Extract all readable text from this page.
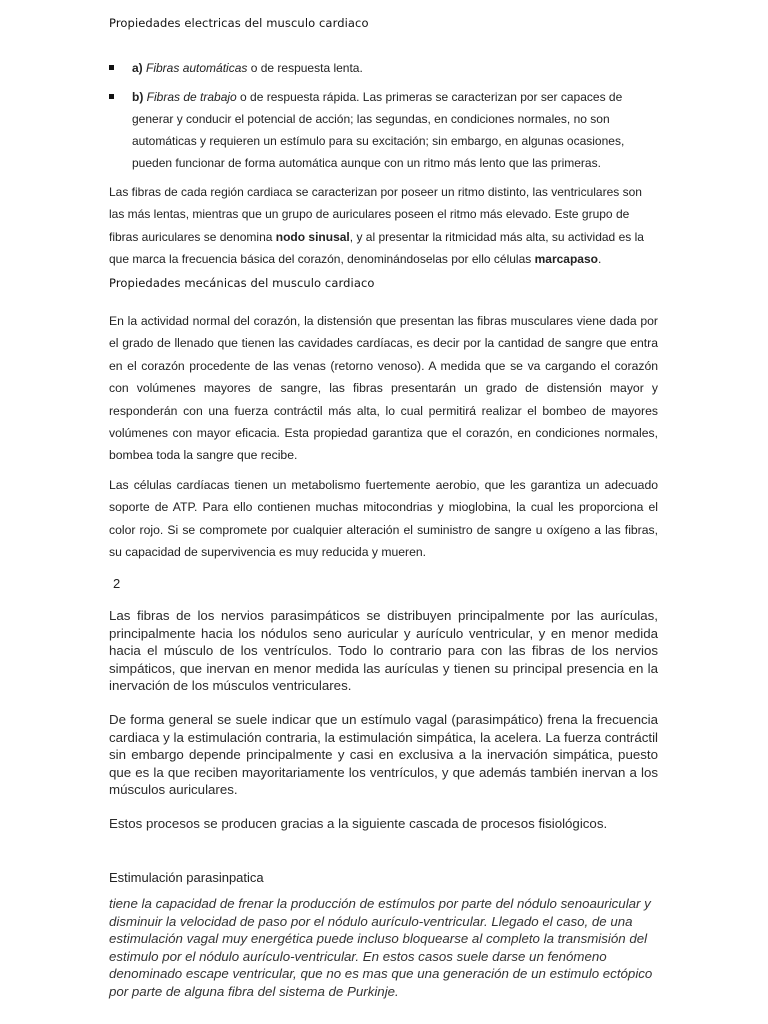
Propiedades electricas del musculo cardiaco
a) Fibras automáticas o de respuesta lenta.
b) Fibras de trabajo o de respuesta rápida. Las primeras se caracterizan por ser capaces de generar y conducir el potencial de acción; las segundas, en condiciones normales, no son automáticas y requieren un estímulo para su excitación; sin embargo, en algunas ocasiones, pueden funcionar de forma automática aunque con un ritmo más lento que las primeras.

Las fibras de cada región cardiaca se caracterizan por poseer un ritmo distinto, las ventriculares son las más lentas, mientras que un grupo de auriculares poseen el ritmo más elevado. Este grupo de fibras auriculares se denomina nodo sinusal, y al presentar la ritmicidad más alta, su actividad es la que marca la frecuencia básica del corazón, denominándoselas por ello células marcapaso.

Propiedades mecánicas del musculo cardiaco

En la actividad normal del corazón, la distensión que presentan las fibras musculares viene dada por el grado de llenado que tienen las cavidades cardíacas, es decir por la cantidad de sangre que entra en el corazón procedente de las venas (retorno venoso). A medida que se va cargando el corazón con volúmenes mayores de sangre, las fibras presentarán un grado de distensión mayor y responderán con una fuerza contráctil más alta, lo cual permitirá realizar el bombeo de mayores volúmenes con mayor eficacia. Esta propiedad garantiza que el corazón, en condiciones normales, bombea toda la sangre que recibe.

Las células cardíacas tienen un metabolismo fuertemente aerobio, que les garantiza un adecuado soporte de ATP. Para ello contienen muchas mitocondrias y mioglobina, la cual les proporciona el color rojo. Si se compromete por cualquier alteración el suministro de sangre u oxígeno a las fibras, su capacidad de supervivencia es muy reducida y mueren.

2

Las fibras de los nervios parasimpáticos se distribuyen principalmente por las aurículas, principalmente hacia los nódulos seno auricular y aurículo ventricular, y en menor medida hacia el músculo de los ventrículos. Todo lo contrario para con las fibras de los nervios simpáticos, que inervan en menor medida las aurículas y tienen su principal presencia en la inervación de los músculos ventriculares.

De forma general se suele indicar que un estímulo vagal (parasimpático) frena la frecuencia cardiaca y la estimulación contraria, la estimulación simpática, la acelera. La fuerza contráctil sin embargo depende principalmente y casi en exclusiva a la inervación simpática, puesto que es la que reciben mayoritariamente los ventrículos, y que además también inervan a los músculos auriculares.

Estos procesos se producen gracias a la siguiente cascada de procesos fisiológicos.

Estimulación parasinpatica

tiene la capacidad de frenar la producción de estímulos por parte del nódulo senoauricular y disminuir la velocidad de paso por el nódulo aurículo-ventricular. Llegado el caso, de una estimulación vagal muy energética puede incluso bloquearse al completo la transmisión del estimulo por el nódulo aurículo-ventricular. En estos casos suele darse un fenómeno denominado escape ventricular, que no es mas que una generación de un estimulo ectópico por parte de alguna fibra del sistema de Purkinje.
